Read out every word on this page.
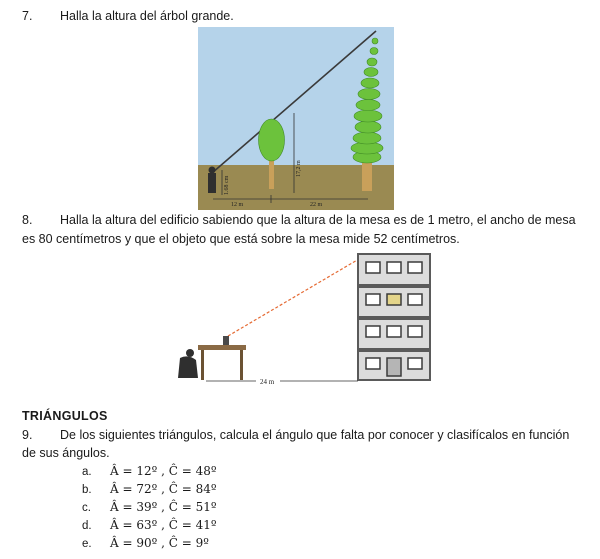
7. Halla la altura del árbol grande.
1.68 cm
17,2 m
12 m	22 m
8. Halla la altura del edificio sabiendo que la altura de la mesa es de 1 metro, el ancho de mesa
es 80 centímetros y que el objeto que está sobre la mesa mide 52 centímetros.
24 m
TRIÁNGULOS
9. De los siguientes triángulos, calcula el ángulo que falta por conocer y clasifícalos en función
de sus ángulos.
a. Â = 12º , Ĉ = 48º
b. Â = 72º , Ĉ = 84º
c. Â = 39º , Ĉ = 51º
d. Â = 63º , Ĉ = 41º
e. Â = 90º , Ĉ = 9º
